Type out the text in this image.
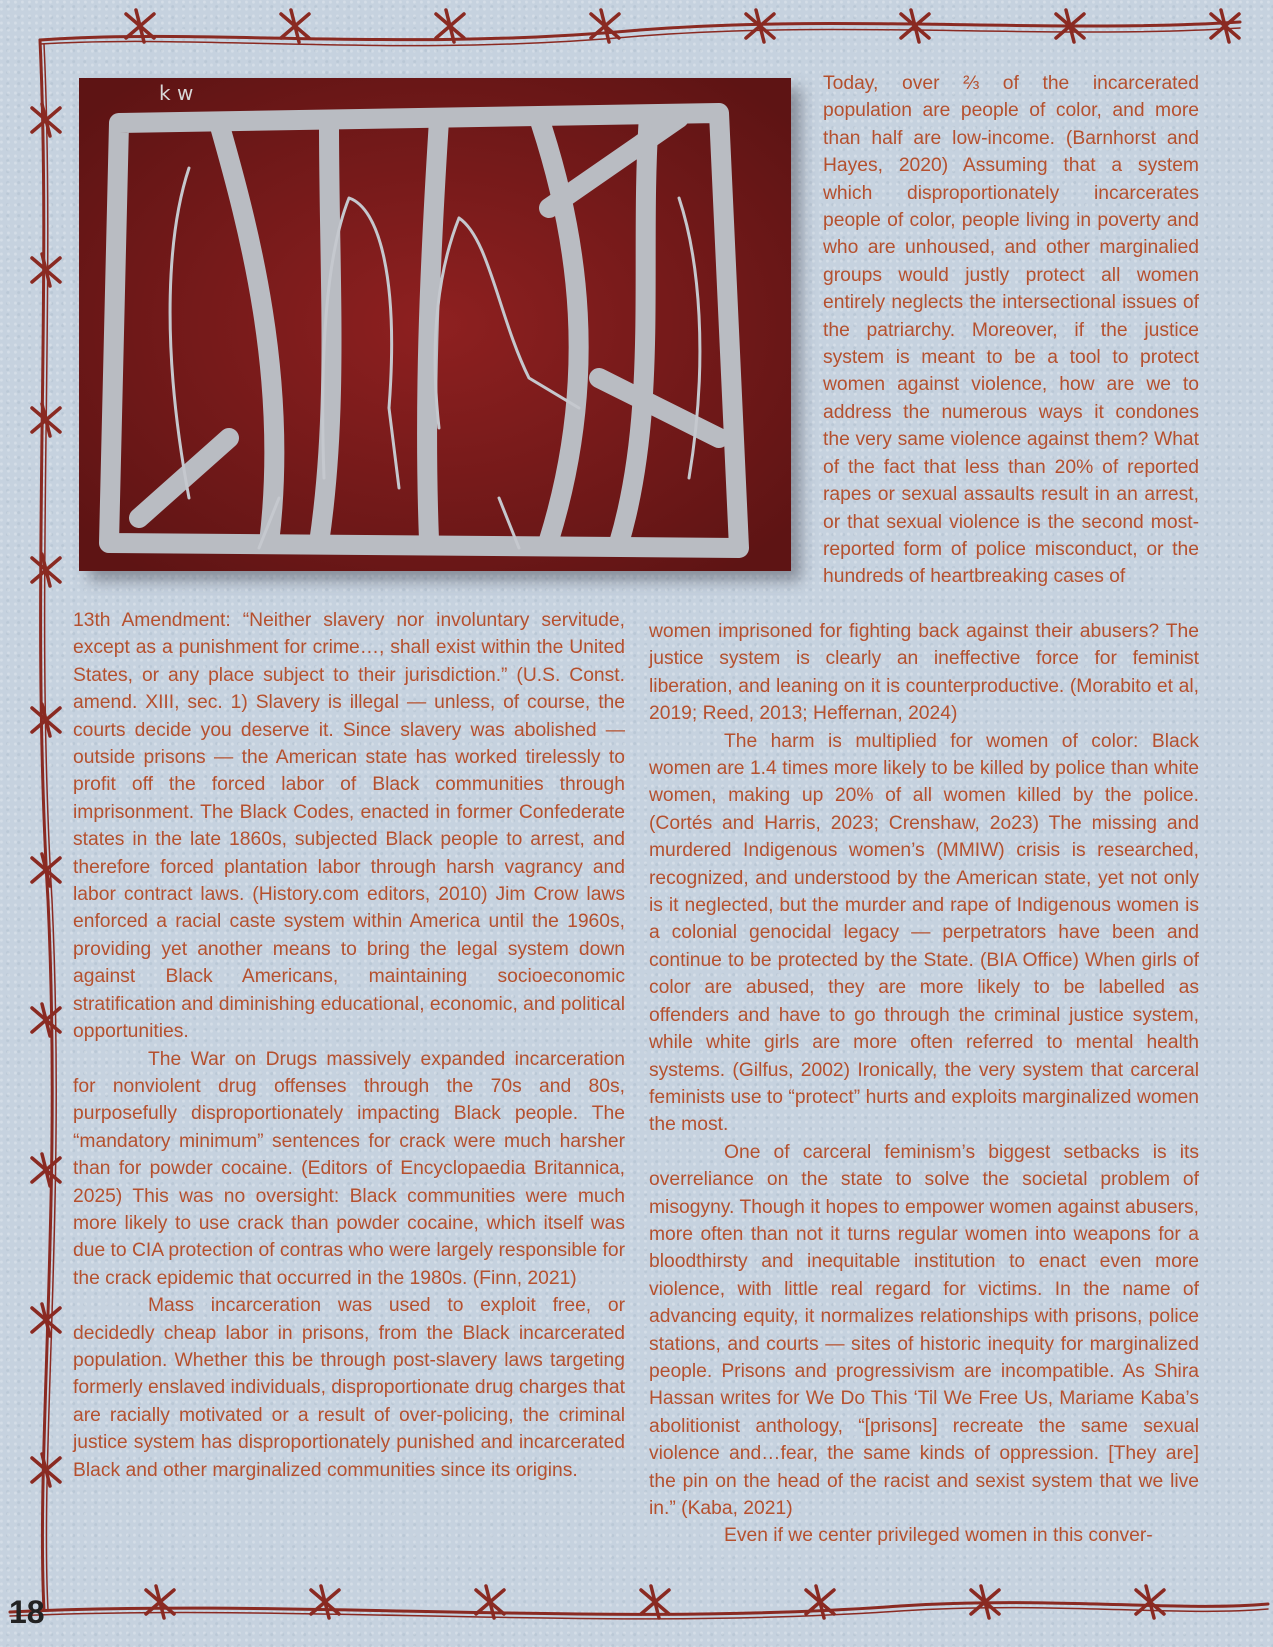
k w	Today, over ⅔ of the incarcerated population are people of color, and more than half are low-income. (Barnhorst and Hayes, 2020) Assuming that a system which disproportionately incarcerates people of color, people living in poverty and who are unhoused, and other marginalied groups would justly protect all women entirely neglects the intersectional issues of the patriarchy. Moreover, if the justice system is meant to be a tool to protect women against violence, how are we to address the numerous ways it condones the very same violence against them? What of the fact that less than 20% of reported rapes or sexual assaults result in an arrest, or that sexual violence is the second most-reported form of police misconduct, or the hundreds of heartbreaking cases of

13th Amendment: “Neither slavery nor involuntary servitude, except as a punishment for crime…, shall exist within the United States, or any place subject to their jurisdiction.” (U.S. Const. amend. XIII, sec. 1) Slavery is illegal — unless, of course, the courts decide you deserve it. Since slavery was abolished — outside prisons — the American state has worked tirelessly to profit off the forced labor of Black communities through imprisonment. The Black Codes, enacted in former Confederate states in the late 1860s, subjected Black people to arrest, and therefore forced plantation labor through harsh vagrancy and labor contract laws. (History.com editors, 2010) Jim Crow laws enforced a racial caste system within America until the 1960s, providing yet another means to bring the legal system down against Black Americans, maintaining socioeconomic stratification and diminishing educational, economic, and political opportunities.

The War on Drugs massively expanded incarceration for nonviolent drug offenses through the 70s and 80s, purposefully disproportionately impacting Black people. The “mandatory minimum” sentences for crack were much harsher than for powder cocaine. (Editors of Encyclopaedia Britannica, 2025) This was no oversight: Black communities were much more likely to use crack than powder cocaine, which itself was due to CIA protection of contras who were largely responsible for the crack epidemic that occurred in the 1980s. (Finn, 2021)

Mass incarceration was used to exploit free, or decidedly cheap labor in prisons, from the Black incarcerated population. Whether this be through post-slavery laws targeting formerly enslaved individuals, disproportionate drug charges that are racially motivated or a result of over-policing, the criminal justice system has disproportionately punished and incarcerated Black and other marginalized communities since its origins.

women imprisoned for fighting back against their abusers? The justice system is clearly an ineffective force for feminist liberation, and leaning on it is counterproductive. (Morabito et al, 2019; Reed, 2013; Heffernan, 2024)

The harm is multiplied for women of color: Black women are 1.4 times more likely to be killed by police than white women, making up 20% of all women killed by the police. (Cortés and Harris, 2023; Crenshaw, 2o23) The missing and murdered Indigenous women’s (MMIW) crisis is researched, recognized, and understood by the American state, yet not only is it neglected, but the murder and rape of Indigenous women is a colonial genocidal legacy — perpetrators have been and continue to be protected by the State. (BIA Office) When girls of color are abused, they are more likely to be labelled as offenders and have to go through the criminal justice system, while white girls are more often referred to mental health systems. (Gilfus, 2002) Ironically, the very system that carceral feminists use to “protect” hurts and exploits marginalized women the most.

One of carceral feminism’s biggest setbacks is its overreliance on the state to solve the societal problem of misogyny. Though it hopes to empower women against abusers, more often than not it turns regular women into weapons for a bloodthirsty and inequitable institution to enact even more violence, with little real regard for victims. In the name of advancing equity, it normalizes relationships with prisons, police stations, and courts — sites of historic inequity for marginalized people. Prisons and progressivism are incompatible. As Shira Hassan writes for We Do This ‘Til We Free Us, Mariame Kaba’s abolitionist anthology, “[prisons] recreate the same sexual violence and…fear, the same kinds of oppression. [They are] the pin on the head of the racist and sexist system that we live in.” (Kaba, 2021)

Even if we center privileged women in this conver-

18
